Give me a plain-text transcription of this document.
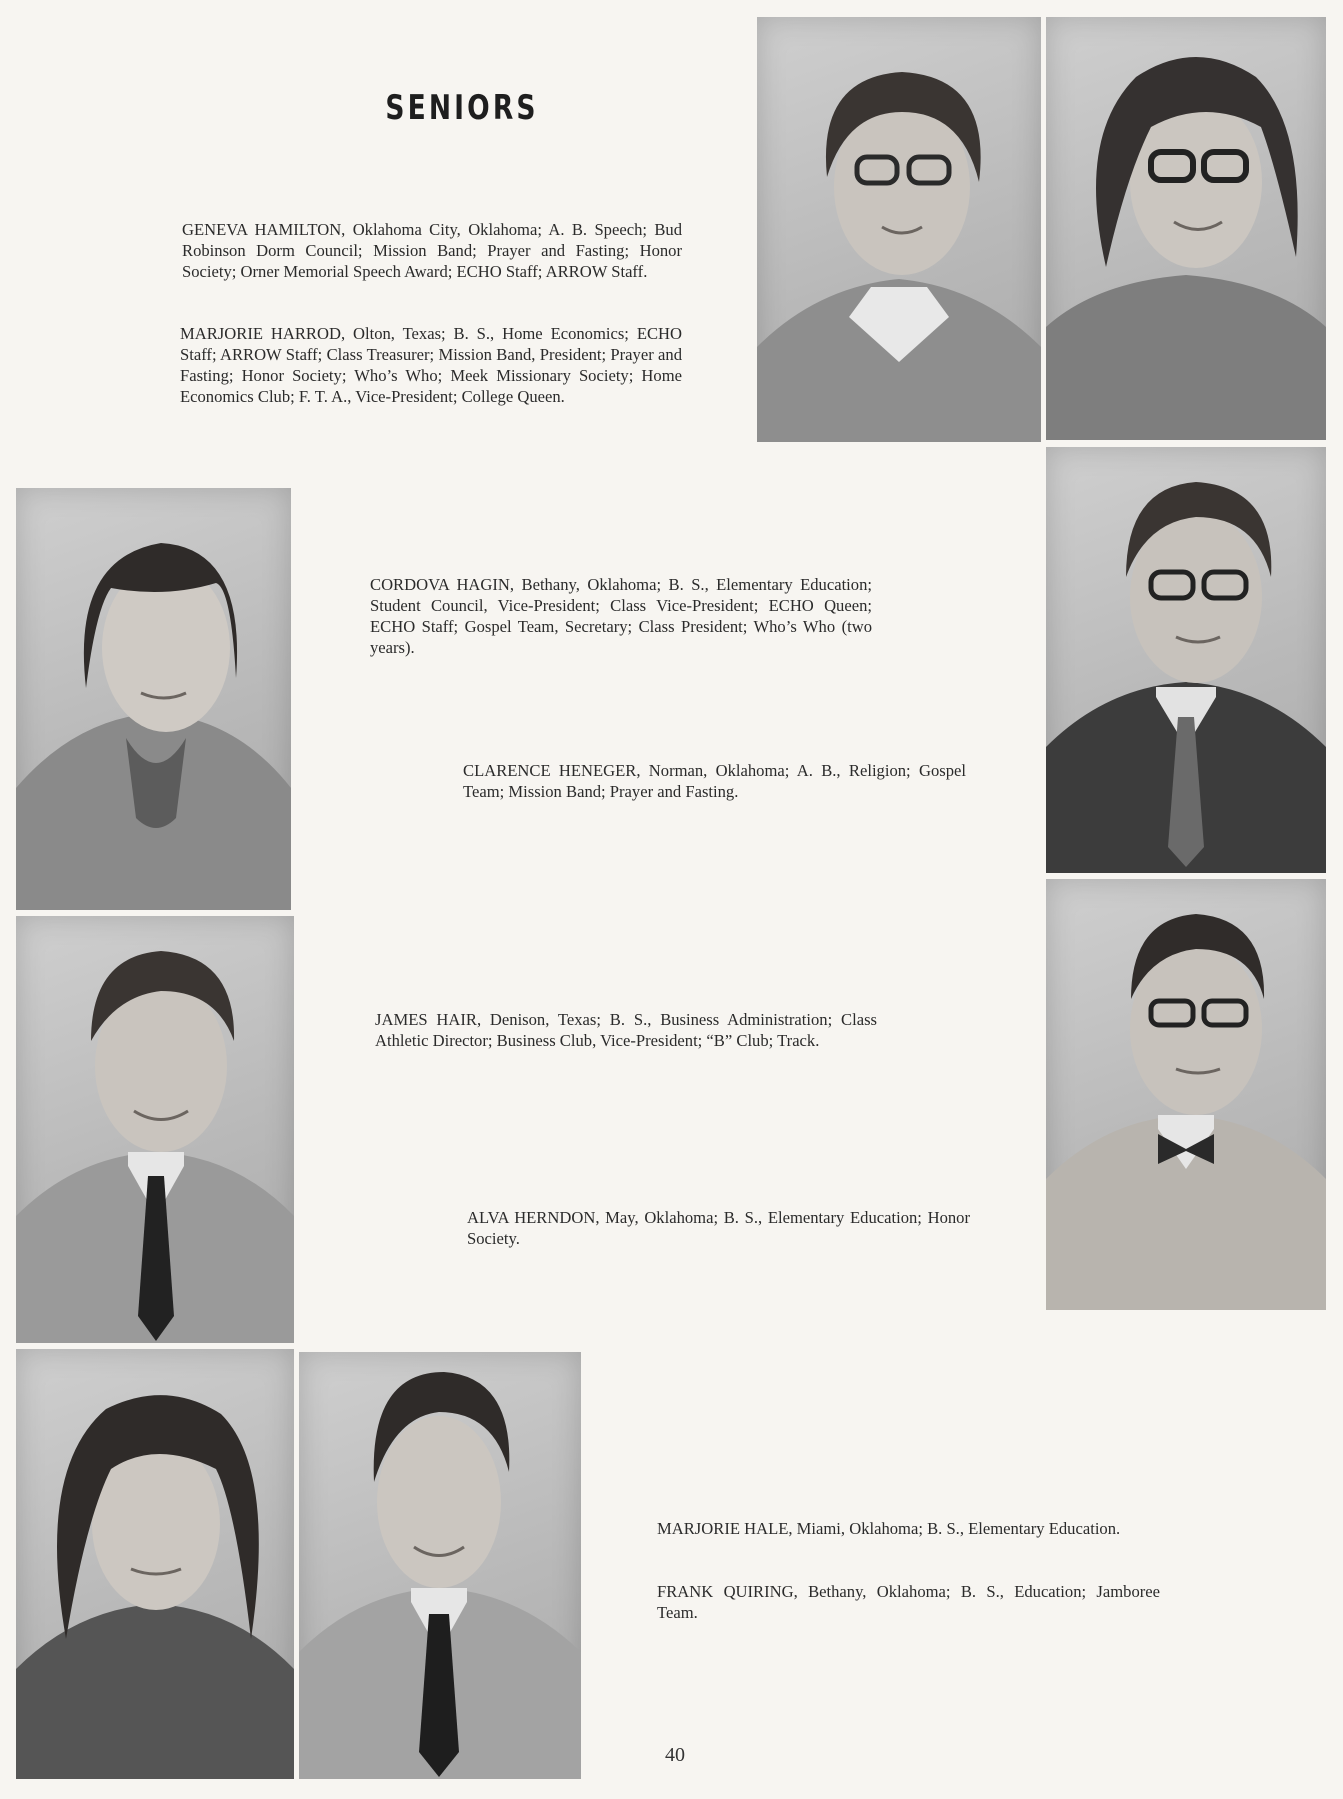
SENIORS

GENEVA HAMILTON, Oklahoma City, Oklahoma; A. B. Speech; Bud Robinson Dorm Council; Mission Band; Prayer and Fasting; Honor Society; Orner Memorial Speech Award; ECHO Staff; ARROW Staff.

MARJORIE HARROD, Olton, Texas; B. S., Home Economics; ECHO Staff; ARROW Staff; Class Treasurer; Mission Band, President; Prayer and Fasting; Honor Society; Who’s Who; Meek Missionary Society; Home Economics Club; F. T. A., Vice-President; College Queen.

CORDOVA HAGIN, Bethany, Oklahoma; B. S., Elementary Education; Student Council, Vice-President; Class Vice-President; ECHO Queen; ECHO Staff; Gospel Team, Secretary; Class President; Who’s Who (two years).

CLARENCE HENEGER, Norman, Oklahoma; A. B., Religion; Gospel Team; Mission Band; Prayer and Fasting.

JAMES HAIR, Denison, Texas; B. S., Business Administration; Class Athletic Director; Business Club, Vice-President; “B” Club; Track.

ALVA HERNDON, May, Oklahoma; B. S., Elementary Education; Honor Society.

MARJORIE HALE, Miami, Oklahoma; B. S., Elementary Education.

FRANK QUIRING, Bethany, Oklahoma; B. S., Education; Jamboree Team.

40
